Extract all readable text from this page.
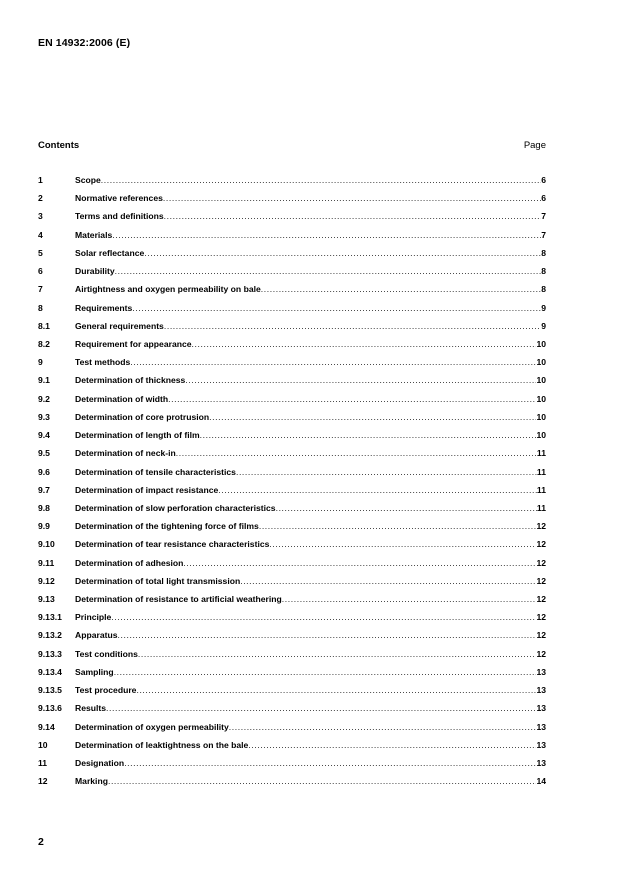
EN 14932:2006 (E)
Contents	Page
1	Scope .....	6
2	Normative references .....	6
3	Terms and definitions .....	7
4	Materials .....	7
5	Solar reflectance .....	8
6	Durability .....	8
7	Airtightness and oxygen permeability on bale .....	8
8	Requirements .....	9
8.1	General requirements .....	9
8.2	Requirement for appearance .....	10
9	Test methods .....	10
9.1	Determination of thickness .....	10
9.2	Determination of width .....	10
9.3	Determination of core protrusion .....	10
9.4	Determination of length of film .....	10
9.5	Determination of neck-in .....	11
9.6	Determination of tensile characteristics .....	11
9.7	Determination of impact resistance .....	11
9.8	Determination of slow perforation characteristics .....	11
9.9	Determination of the tightening force of films .....	12
9.10	Determination of tear resistance characteristics .....	12
9.11	Determination of adhesion .....	12
9.12	Determination of total light transmission .....	12
9.13	Determination of resistance to artificial weathering .....	12
9.13.1	Principle .....	12
9.13.2	Apparatus .....	12
9.13.3	Test conditions .....	12
9.13.4	Sampling .....	13
9.13.5	Test procedure .....	13
9.13.6	Results .....	13
9.14	Determination of oxygen permeability .....	13
10	Determination of leaktightness on the bale .....	13
11	Designation .....	13
12	Marking .....	14
2
